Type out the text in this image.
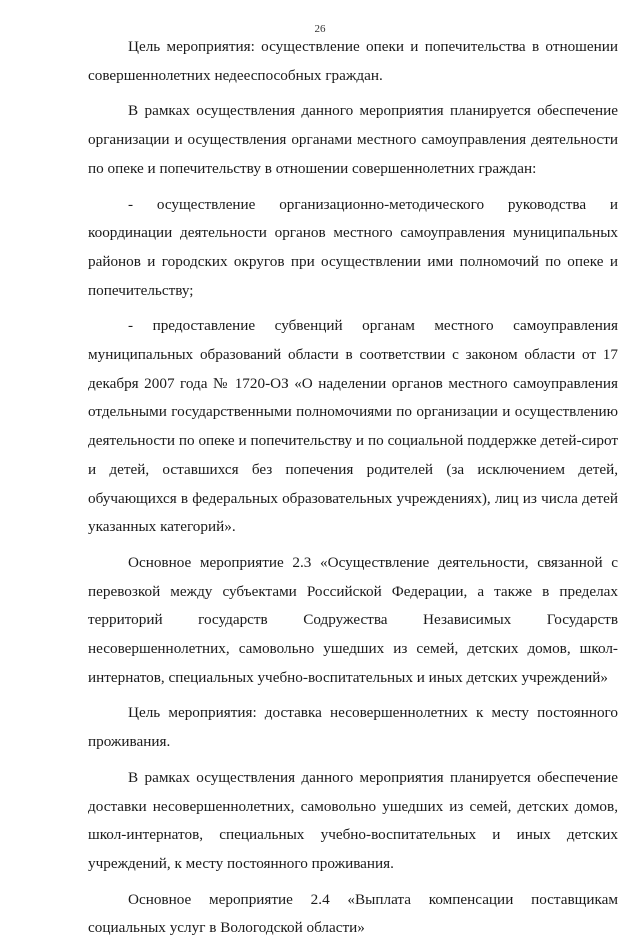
26

Цель мероприятия: осуществление опеки и попечительства в отношении совершеннолетних недееспособных граждан.

В рамках осуществления данного мероприятия планируется обеспечение организации и осуществления органами местного самоуправления деятельности по опеке и попечительству в отношении совершеннолетних граждан:

- осуществление организационно-методического руководства и координации деятельности органов местного самоуправления муниципальных районов и городских округов при осуществлении ими полномочий по опеке и попечительству;

- предоставление субвенций органам местного самоуправления муниципальных образований области в соответствии с законом области от 17 декабря 2007 года № 1720-ОЗ «О наделении органов местного самоуправления отдельными государственными полномочиями по организации и осуществлению деятельности по опеке и попечительству и по социальной поддержке детей-сирот и детей, оставшихся без попечения родителей (за исключением детей, обучающихся в федеральных образовательных учреждениях), лиц из числа детей указанных категорий».

Основное мероприятие 2.3 «Осуществление деятельности, связанной с перевозкой между субъектами Российской Федерации, а также в пределах территорий государств Содружества Независимых Государств несовершеннолетних, самовольно ушедших из семей, детских домов, школ-интернатов, специальных учебно-воспитательных и иных детских учреждений»

Цель мероприятия: доставка несовершеннолетних к месту постоянного проживания.

В рамках осуществления данного мероприятия планируется обеспечение доставки несовершеннолетних, самовольно ушедших из семей, детских домов, школ-интернатов, специальных учебно-воспитательных и иных детских учреждений, к месту постоянного проживания.

Основное мероприятие 2.4 «Выплата компенсации поставщикам социальных услуг в Вологодской области»
